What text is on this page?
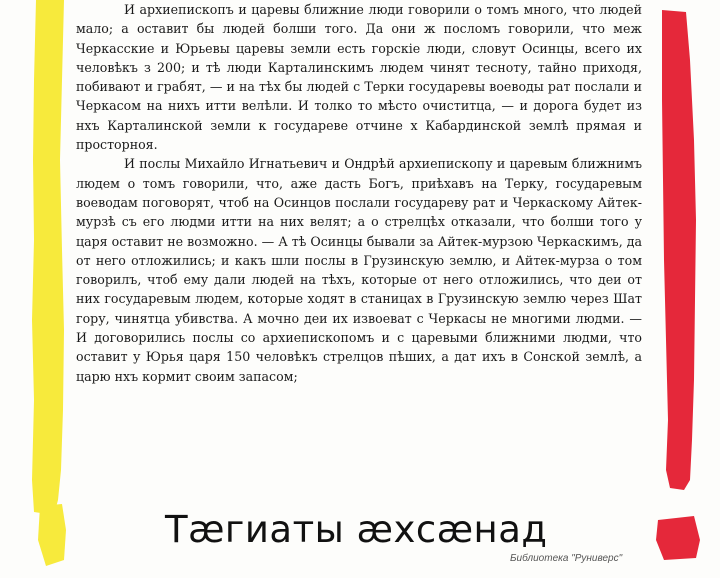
И архиепископъ и царевы ближние люди говорили о томъ много, что людей мало; а оставит бы людей болши того. Да они ж посломъ говорили, что меж Черкасские и Юрьевы царевы земли есть горскіе люди, словут Осинцы, всего их человѣкъ з 200; и тѣ люди Карталинскимъ людем чинят тесноту, тайно приходя, побивают и грабят, — и на тѣх бы людей с Терки государевы воеводы рат послали и Черкасом на нихъ итти велѣли. И толко то мѣсто очиститца, — и дорога будет из нхъ Карталинской земли к государеве отчине х Кабардинской землѣ прямая и просторноя.

И послы Михайло Игнатьевич и Ондрѣй архиепископу и царевым ближнимъ людем о томъ говорили, что, аже дасть Богъ, приѣхавъ на Терку, государевым воеводам поговорят, чтоб на Осинцов послали государеву рат и Черкаскому Айтек-мурзѣ съ его людми итти на них велят; а о стрелцѣх отказали, что болши того у царя оставит не возможно. — А тѣ Осинцы бывали за Айтек-мурзою Черкаскимъ, да от него отложились; и какъ шли послы в Грузинскую землю, и Айтек-мурза о том говорилъ, чтоб ему дали людей на тѣхъ, которые от него отложились, что деи от них государевым людем, которые ходят в станицах в Грузинскую землю через Шат гору, чинятца убивства. А мочно деи их извоеват с Черкасы не многими людми. — И договорились послы со архиепископомъ и с царевыми ближними людми, что оставит у Юрья царя 150 человѣкъ стрелцов пѣших, а дат ихъ в Сонской землѣ, а царю нхъ кормит своим запасом;

Тæгиаты æхсæнад
Библиотека "Руниверс"
